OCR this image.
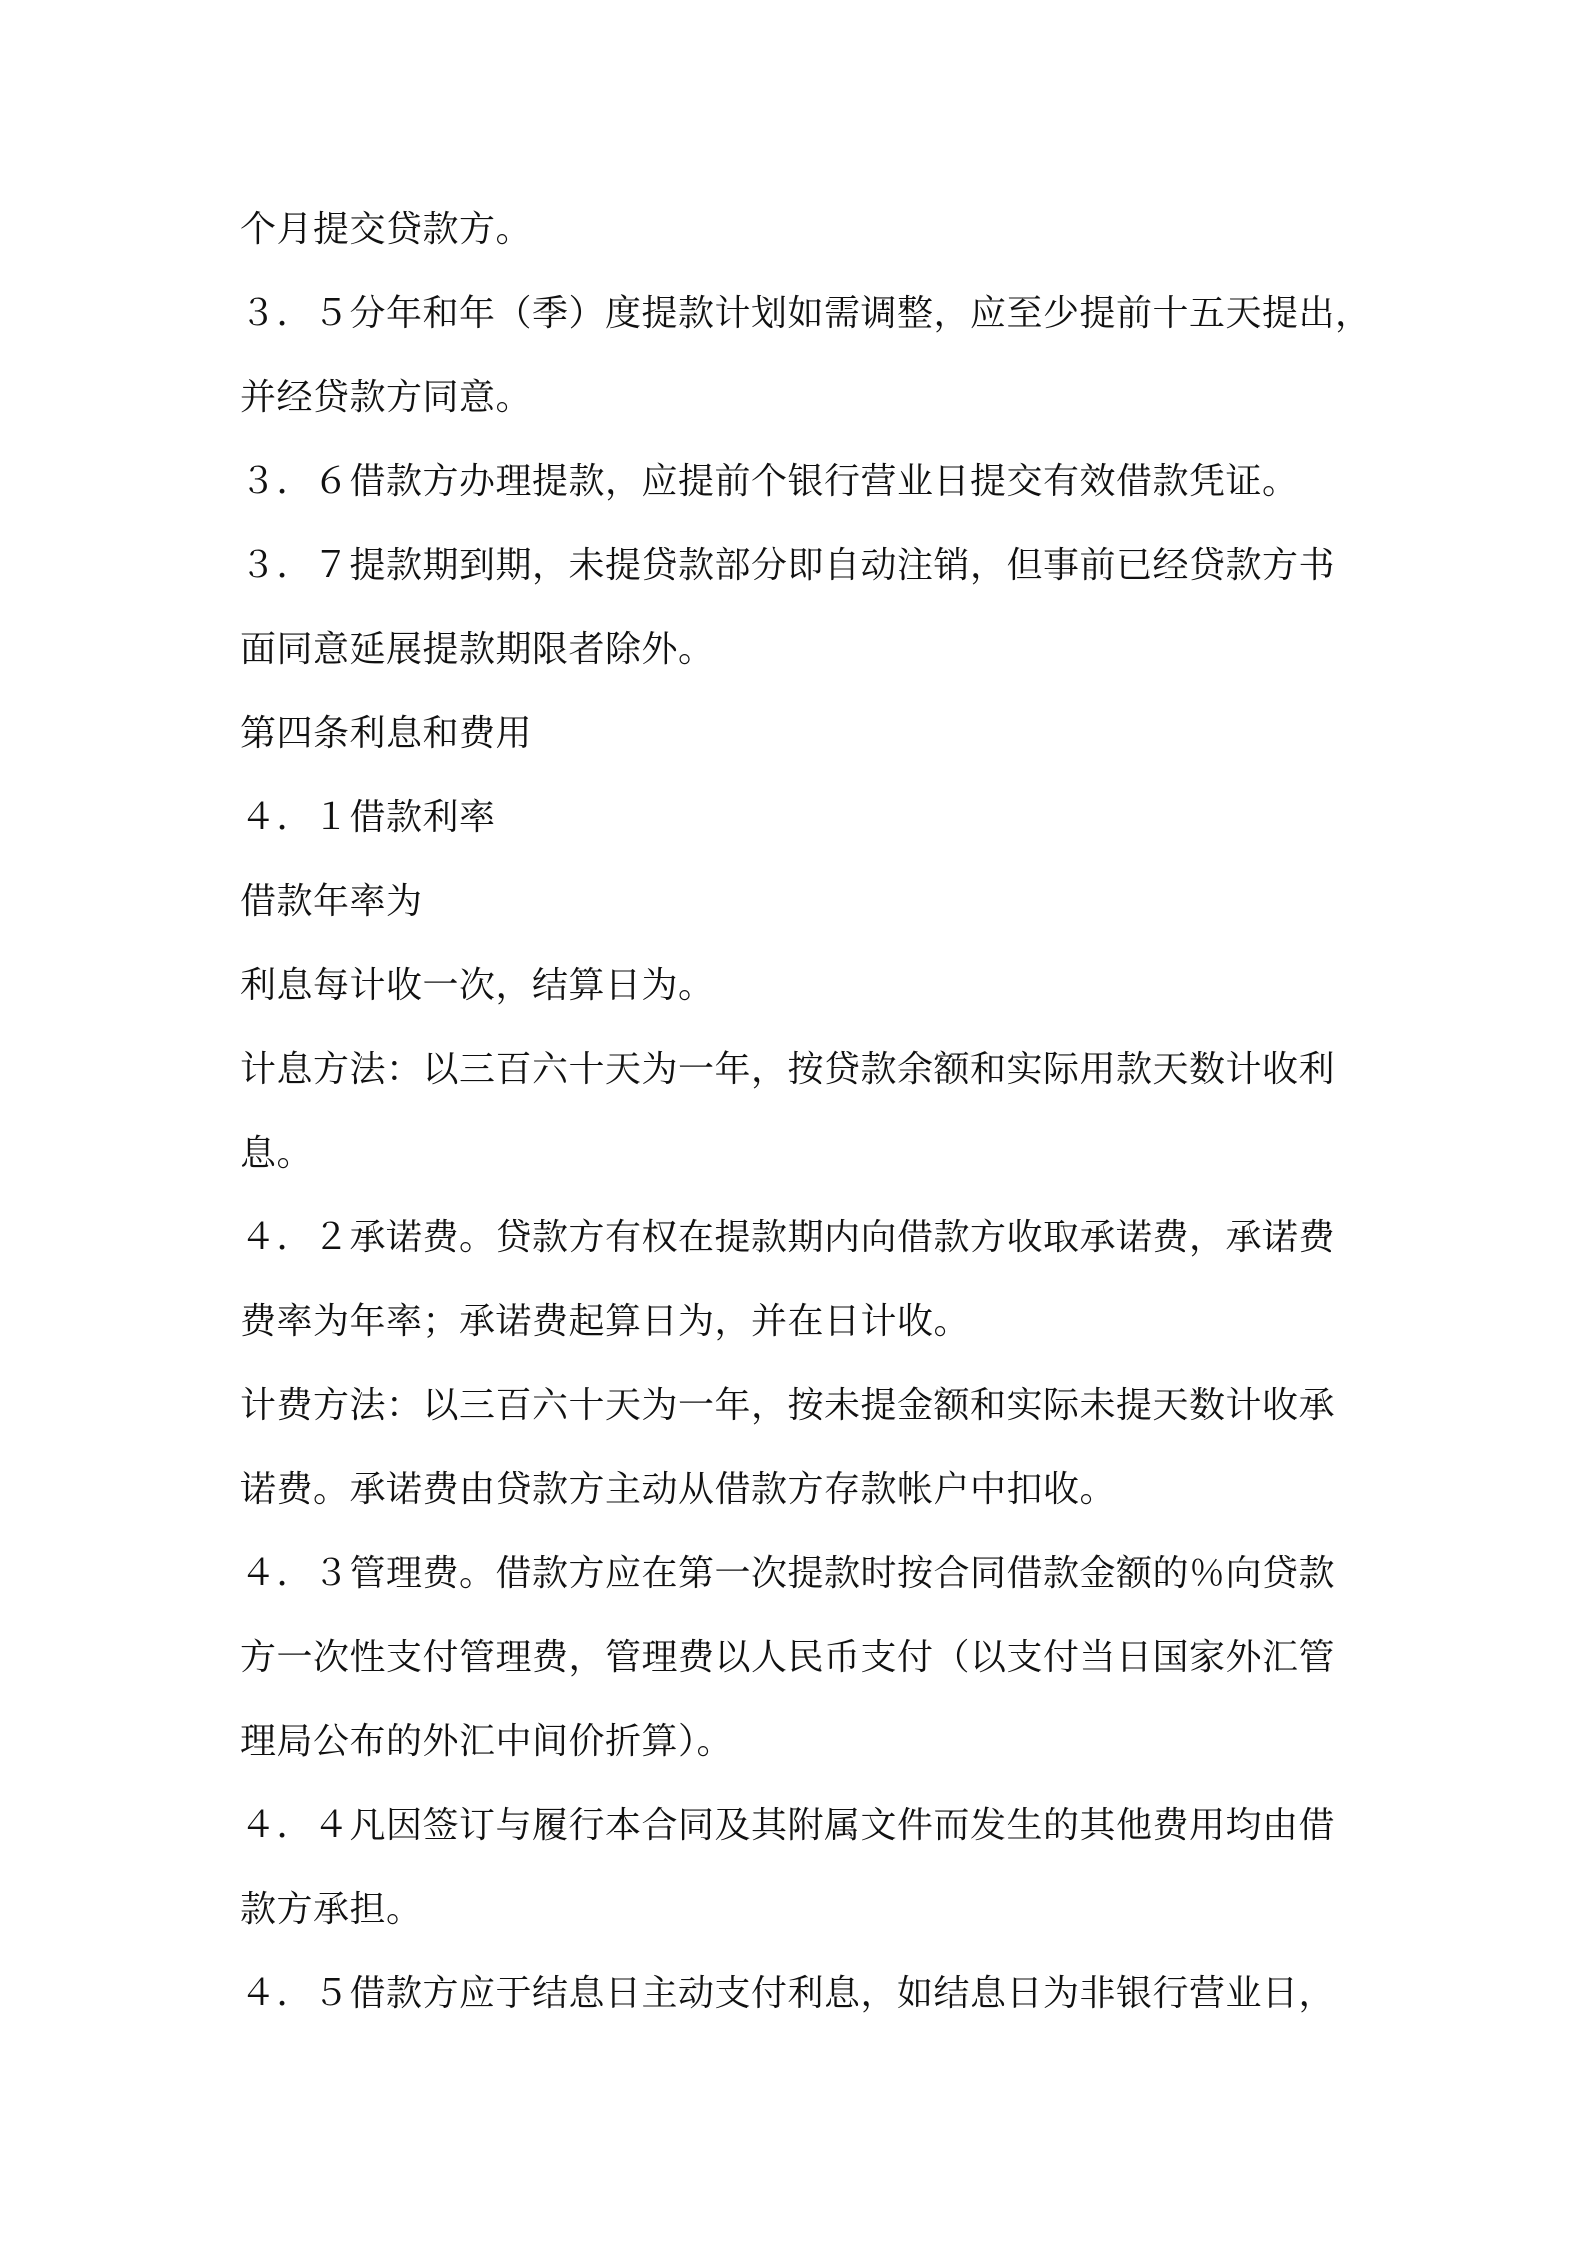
个月提交贷款方。
３．５分年和年（季）度提款计划如需调整，应至少提前十五天提出，
并经贷款方同意。
３．６借款方办理提款，应提前个银行营业日提交有效借款凭证。
３．７提款期到期，未提贷款部分即自动注销，但事前已经贷款方书
面同意延展提款期限者除外。
第四条利息和费用
４．１借款利率
借款年率为
利息每计收一次，结算日为。
计息方法：以三百六十天为一年，按贷款余额和实际用款天数计收利
息。
４．２承诺费。贷款方有权在提款期内向借款方收取承诺费，承诺费
费率为年率；承诺费起算日为，并在日计收。
计费方法：以三百六十天为一年，按未提金额和实际未提天数计收承
诺费。承诺费由贷款方主动从借款方存款帐户中扣收。
４．３管理费。借款方应在第一次提款时按合同借款金额的％向贷款
方一次性支付管理费，管理费以人民币支付（以支付当日国家外汇管
理局公布的外汇中间价折算）。
４．４凡因签订与履行本合同及其附属文件而发生的其他费用均由借
款方承担。
４．５借款方应于结息日主动支付利息，如结息日为非银行营业日，
